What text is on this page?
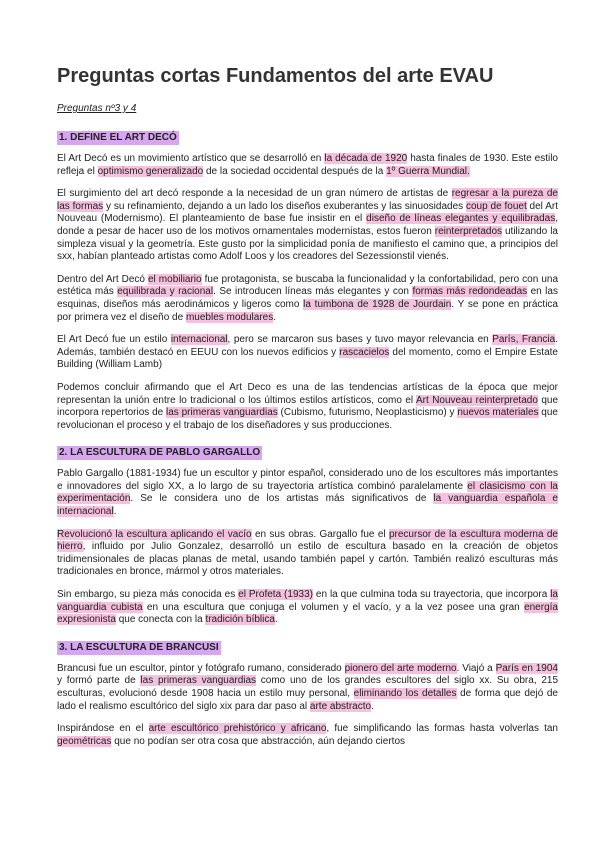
Preguntas cortas Fundamentos del arte EVAU
Preguntas nº3 y 4
1. DEFINE EL ART DECÓ

El Art Decó es un movimiento artístico que se desarrolló en la década de 1920 hasta finales de 1930. Este estilo refleja el optimismo generalizado de la sociedad occidental después de la 1º Guerra Mundial.

El surgimiento del art decó responde a la necesidad de un gran número de artistas de regresar a la pureza de las formas y su refinamiento, dejando a un lado los diseños exuberantes y las sinuosidades coup de fouet del Art Nouveau (Modernismo). El planteamiento de base fue insistir en el diseño de líneas elegantes y equilibradas, donde a pesar de hacer uso de los motivos ornamentales modernistas, estos fueron reinterpretados utilizando la simpleza visual y la geometría. Este gusto por la simplicidad ponía de manifiesto el camino que, a principios del sxx, habían planteado artistas como Adolf Loos y los creadores del Sezessionstil vienés.

Dentro del Art Decó el mobiliario fue protagonista, se buscaba la funcionalidad y la confortabilidad, pero con una estética más equilibrada y racional. Se introducen líneas más elegantes y con formas más redondeadas en las esquinas, diseños más aerodinámicos y ligeros como la tumbona de 1928 de Jourdain. Y se pone en práctica por primera vez el diseño de muebles modulares.

El Art Decó fue un estilo internacional, pero se marcaron sus bases y tuvo mayor relevancia en París, Francia. Además, también destacó en EEUU con los nuevos edificios y rascacielos del momento, como el Empire Estate Building (William Lamb)

Podemos concluir afirmando que el Art Deco es una de las tendencias artísticas de la época que mejor representan la unión entre lo tradicional o los últimos estilos artísticos, como el Art Nouveau reinterpretado que incorpora repertorios de las primeras vanguardias (Cubismo, futurismo, Neoplasticismo) y nuevos materiales que revolucionan el proceso y el trabajo de los diseñadores y sus producciones.

2. LA ESCULTURA DE PABLO GARGALLO

Pablo Gargallo (1881-1934) fue un escultor y pintor español, considerado uno de los escultores más importantes e innovadores del siglo XX, a lo largo de su trayectoria artística combinó paralelamente el clasicismo con la experimentación. Se le considera uno de los artistas más significativos de la vanguardia española e internacional.

Revolucionó la escultura aplicando el vacío en sus obras. Gargallo fue el precursor de la escultura moderna de hierro, influido por Julio Gonzalez, desarrolló un estilo de escultura basado en la creación de objetos tridimensionales de placas planas de metal, usando también papel y cartón. También realizó esculturas más tradicionales en bronce, mármol y otros materiales.

Sin embargo, su pieza más conocida es el Profeta (1933) en la que culmina toda su trayectoria, que incorpora la vanguardia cubista en una escultura que conjuga el volumen y el vacío, y a la vez posee una gran energía expresionista que conecta con la tradición bíblica.

3. LA ESCULTURA DE BRANCUSI

Brancusi fue un escultor, pintor y fotógrafo rumano, considerado pionero del arte moderno. Viajó a París en 1904 y formó parte de las primeras vanguardias como uno de los grandes escultores del siglo xx. Su obra, 215 esculturas, evolucionó desde 1908 hacia un estilo muy personal, eliminando los detalles de forma que dejó de lado el realismo escultórico del siglo xix para dar paso al arte abstracto.

Inspirándose en el arte escultórico prehistórico y africano, fue simplificando las formas hasta volverlas tan geométricas que no podían ser otra cosa que abstracción, aún dejando ciertos
